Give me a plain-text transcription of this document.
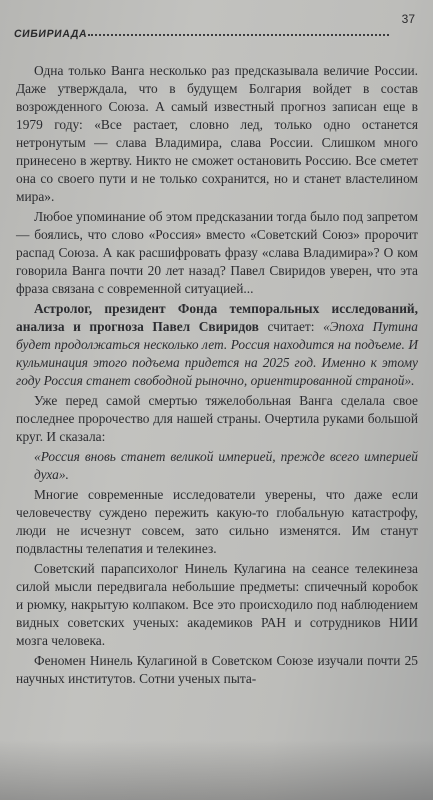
СИБИРИАДА
37

Одна только Ванга несколько раз предсказывала величие России. Даже утверждала, что в будущем Болгария войдет в состав возрожденного Союза. А самый известный прогноз записан еще в 1979 году: «Все растает, словно лед, только одно останется нетронутым — слава Владимира, слава России. Слишком много принесено в жертву. Никто не сможет остановить Россию. Все сметет она со своего пути и не только сохранится, но и станет властелином мира».

Любое упоминание об этом предсказании тогда было под запретом — боялись, что слово «Россия» вместо «Советский Союз» пророчит распад Союза. А как расшифровать фразу «слава Владимира»? О ком говорила Ванга почти 20 лет назад? Павел Свиридов уверен, что эта фраза связана с современной ситуацией...

Астролог, президент Фонда темпоральных исследований, анализа и прогноза Павел Свиридов считает: «Эпоха Путина будет продолжаться несколько лет. Россия находится на подъеме. И кульминация этого подъема придется на 2025 год. Именно к этому году Россия станет свободной рыночно, ориентированной страной».

Уже перед самой смертью тяжелобольная Ванга сделала свое последнее пророчество для нашей страны. Очертила руками большой круг. И сказала:

«Россия вновь станет великой империей, прежде всего империей духа».

Многие современные исследователи уверены, что даже если человечеству суждено пережить какую-то глобальную катастрофу, люди не исчезнут совсем, зато сильно изменятся. Им станут подвластны телепатия и телекинез.

Советский парапсихолог Нинель Кулагина на сеансе телекинеза силой мысли передвигала небольшие предметы: спичечный коробок и рюмку, накрытую колпаком. Все это происходило под наблюдением видных советских ученых: академиков РАН и сотрудников НИИ мозга человека.

Феномен Нинель Кулагиной в Советском Союзе изучали почти 25 научных институтов. Сотни ученых пыта-
